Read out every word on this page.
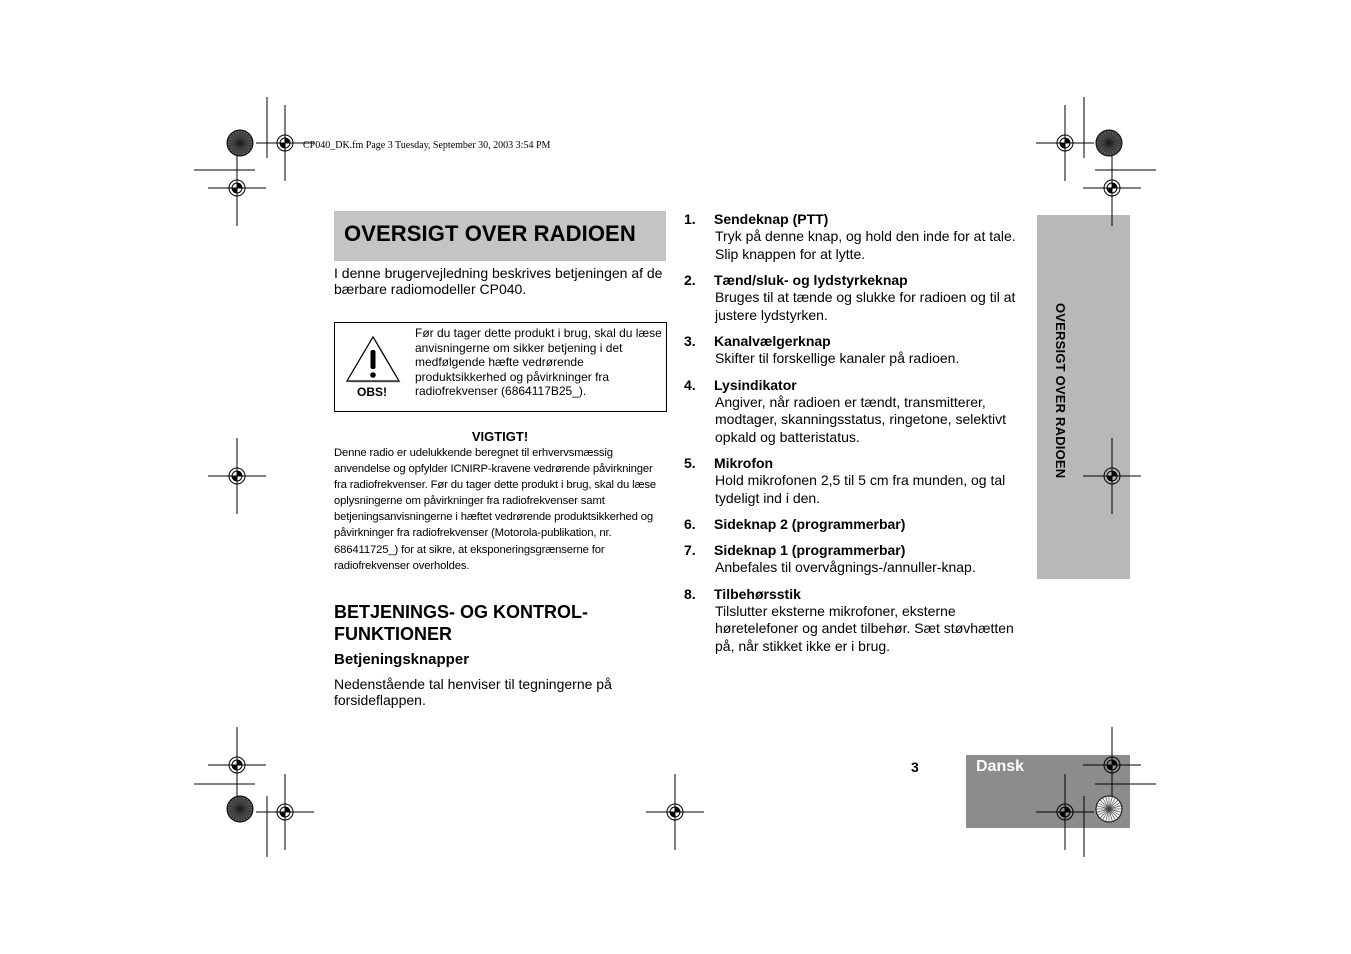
CP040_DK.fm Page 3 Tuesday, September 30, 2003 3:54 PM
OVERSIGT OVER RADIOEN
I denne brugervejledning beskrives betjeningen af de bærbare radiomodeller CP040.
OBS!
Før du tager dette produkt i brug, skal du læse anvisningerne om sikker betjening i det medfølgende hæfte vedrørende produktsikkerhed og påvirkninger fra radiofrekvenser (6864117B25_).
VIGTIGT!
Denne radio er udelukkende beregnet til erhvervsmæssig anvendelse og opfylder ICNIRP-kravene vedrørende påvirkninger fra radiofrekvenser. Før du tager dette produkt i brug, skal du læse oplysningerne om påvirkninger fra radiofrekvenser samt betjeningsanvisningerne i hæftet vedrørende produktsikkerhed og påvirkninger fra radiofrekvenser (Motorola-publikation, nr. 686411725_) for at sikre, at eksponeringsgrænserne for radiofrekvenser overholdes.
BETJENINGS- OG KONTROL-FUNKTIONER
Betjeningsknapper
Nedenstående tal henviser til tegningerne på forsideflappen.
1.	Sendeknap (PTT)
Tryk på denne knap, og hold den inde for at tale. Slip knappen for at lytte.
2.	Tænd/sluk- og lydstyrkeknap
Bruges til at tænde og slukke for radioen og til at justere lydstyrken.
3.	Kanalvælgerknap
Skifter til forskellige kanaler på radioen.
4.	Lysindikator
Angiver, når radioen er tændt, transmitterer, modtager, skanningsstatus, ringetone, selektivt opkald og batteristatus.
5.	Mikrofon
Hold mikrofonen 2,5 til 5 cm fra munden, og tal tydeligt ind i den.
6.	Sideknap 2 (programmerbar)
7.	Sideknap 1 (programmerbar)
Anbefales til overvågnings-/annuller-knap.
8.	Tilbehørsstik
Tilslutter eksterne mikrofoner, eksterne høretelefoner og andet tilbehør. Sæt støvhætten på, når stikket ikke er i brug.
OVERSIGT OVER RADIOEN
3	Dansk
